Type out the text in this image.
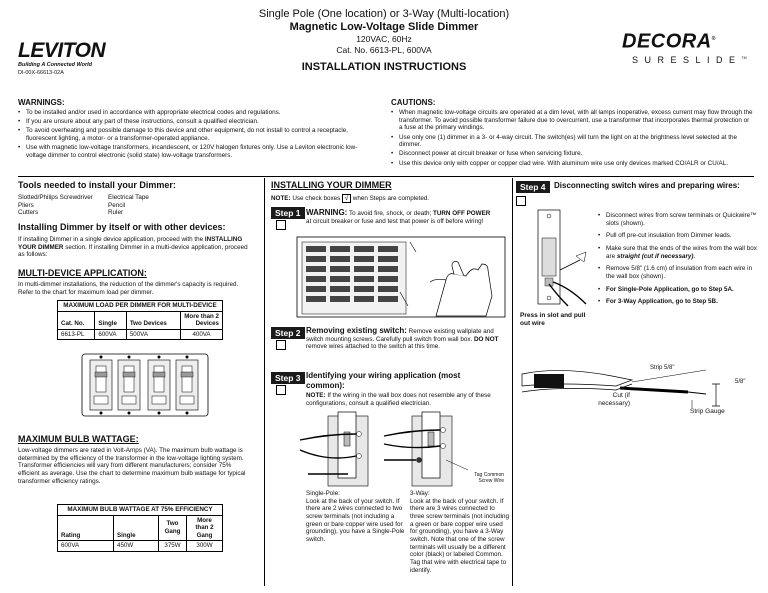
LEVITON
Building A Connected World
DI-00X-66613-02A
Single Pole (One location) or 3-Way (Multi-location)
Magnetic Low-Voltage Slide Dimmer
120VAC, 60Hz
Cat. No. 6613-PL, 600VA
INSTALLATION INSTRUCTIONS
DECORA®
SURESLIDE™
WARNINGS:
• To be installed and/or used in accordance with appropriate electrical codes and regulations.
• If you are unsure about any part of these instructions, consult a qualified electrician.
• To avoid overheating and possible damage to this device and other equipment, do not install to control a receptacle, fluorescent lighting, a motor- or a transformer-operated appliance.
• Use with magnetic low-voltage transformers, incandescent, or 120V halogen fixtures only. Use a Leviton electronic low-voltage dimmer to control electronic (solid state) low-voltage transformers.
CAUTIONS:
• When magnetic low-voltage circuits are operated at a dim level, with all lamps inoperative, excess current may flow through the transformer. To avoid possible transformer failure due to overcurrent, use a transformer that incorporates thermal protection or a fuse at the primary windings.
• Use only one (1) dimmer in a 3- or 4-way circuit. The switch(es) will turn the light on at the brightness level selected at the dimmer.
• Disconnect power at circuit breaker or fuse when servicing fixture.
• Use this device only with copper or copper clad wire. With aluminum wire use only devices marked CO/ALR or CU/AL.
Tools needed to install your Dimmer:
Slotted/Philips Screwdriver
Pliers
Cutters
Electrical Tape
Pencil
Ruler
Installing Dimmer by itself or with other devices:
If installing Dimmer in a single device application, proceed with the INSTALLING YOUR DIMMER section. If installing Dimmer in a multi-device application, proceed as follows:
MULTI-DEVICE APPLICATION:
In multi-dimmer installations, the reduction of the dimmer's capacity is required. Refer to the chart for maximum load per dimmer.
MAXIMUM LOAD PER DIMMER FOR MULTI-DEVICE
Cat. No.	Single	Two Devices	More than 2 Devices
6613-PL	600VA	500VA	400VA
MAXIMUM BULB WATTAGE:
Low-voltage dimmers are rated in Volt-Amps (VA). The maximum bulb wattage is determined by the efficiency of the transformer in the low-voltage lighting system. Transformer efficiencies will vary from different manufacturers; consider 75% efficient as average. Use the chart to determine maximum bulb wattage for typical transformer efficiency ratings.
MAXIMUM BULB WATTAGE AT 75% EFFICIENCY
Rating	Single	Two Gang	More than 2 Gang
600VA	450W	375W	300W
INSTALLING YOUR DIMMER
NOTE: Use check boxes √ when Steps are completed.
Step 1 WARNING: To avoid fire, shock, or death; TURN OFF POWER at circuit breaker or fuse and test that power is off before wiring!
Step 2 Removing existing switch: Remove existing wallplate and switch mounting screws. Carefully pull switch from wall box. DO NOT remove wires attached to the switch at this time.
Step 3 Identifying your wiring application (most common):
NOTE: If the wiring in the wall box does not resemble any of these configurations, consult a qualified electrician.
Tag Common Screw Wire
Single-Pole:
Look at the back of your switch. If there are 2 wires connected to two screw terminals (not including a green or bare copper wire used for grounding), you have a Single-Pole switch.
3-Way:
Look at the back of your switch. If there are 3 wires connected to three screw terminals (not including a green or bare copper wire used for grounding), you have a 3-Way switch. Note that one of the screw terminals will usually be a different color (black) or labeled Common. Tag that wire with electrical tape to identify.
Step 4	Disconnecting switch wires and preparing wires:
Press in slot and pull out wire
• Disconnect wires from screw terminals or Quickwire™ slots (shown).
• Pull off pre-cut insulation from Dimmer leads.
• Make sure that the ends of the wires from the wall box are straight (cut if necessary).
• Remove 5/8" (1.6 cm) of insulation from each wire in the wall box (shown).
• For Single-Pole Application, go to Step 5A.
• For 3-Way Application, go to Step 5B.
Strip 5/8"
5/8"
Cut (if necessary)
Strip Gauge
